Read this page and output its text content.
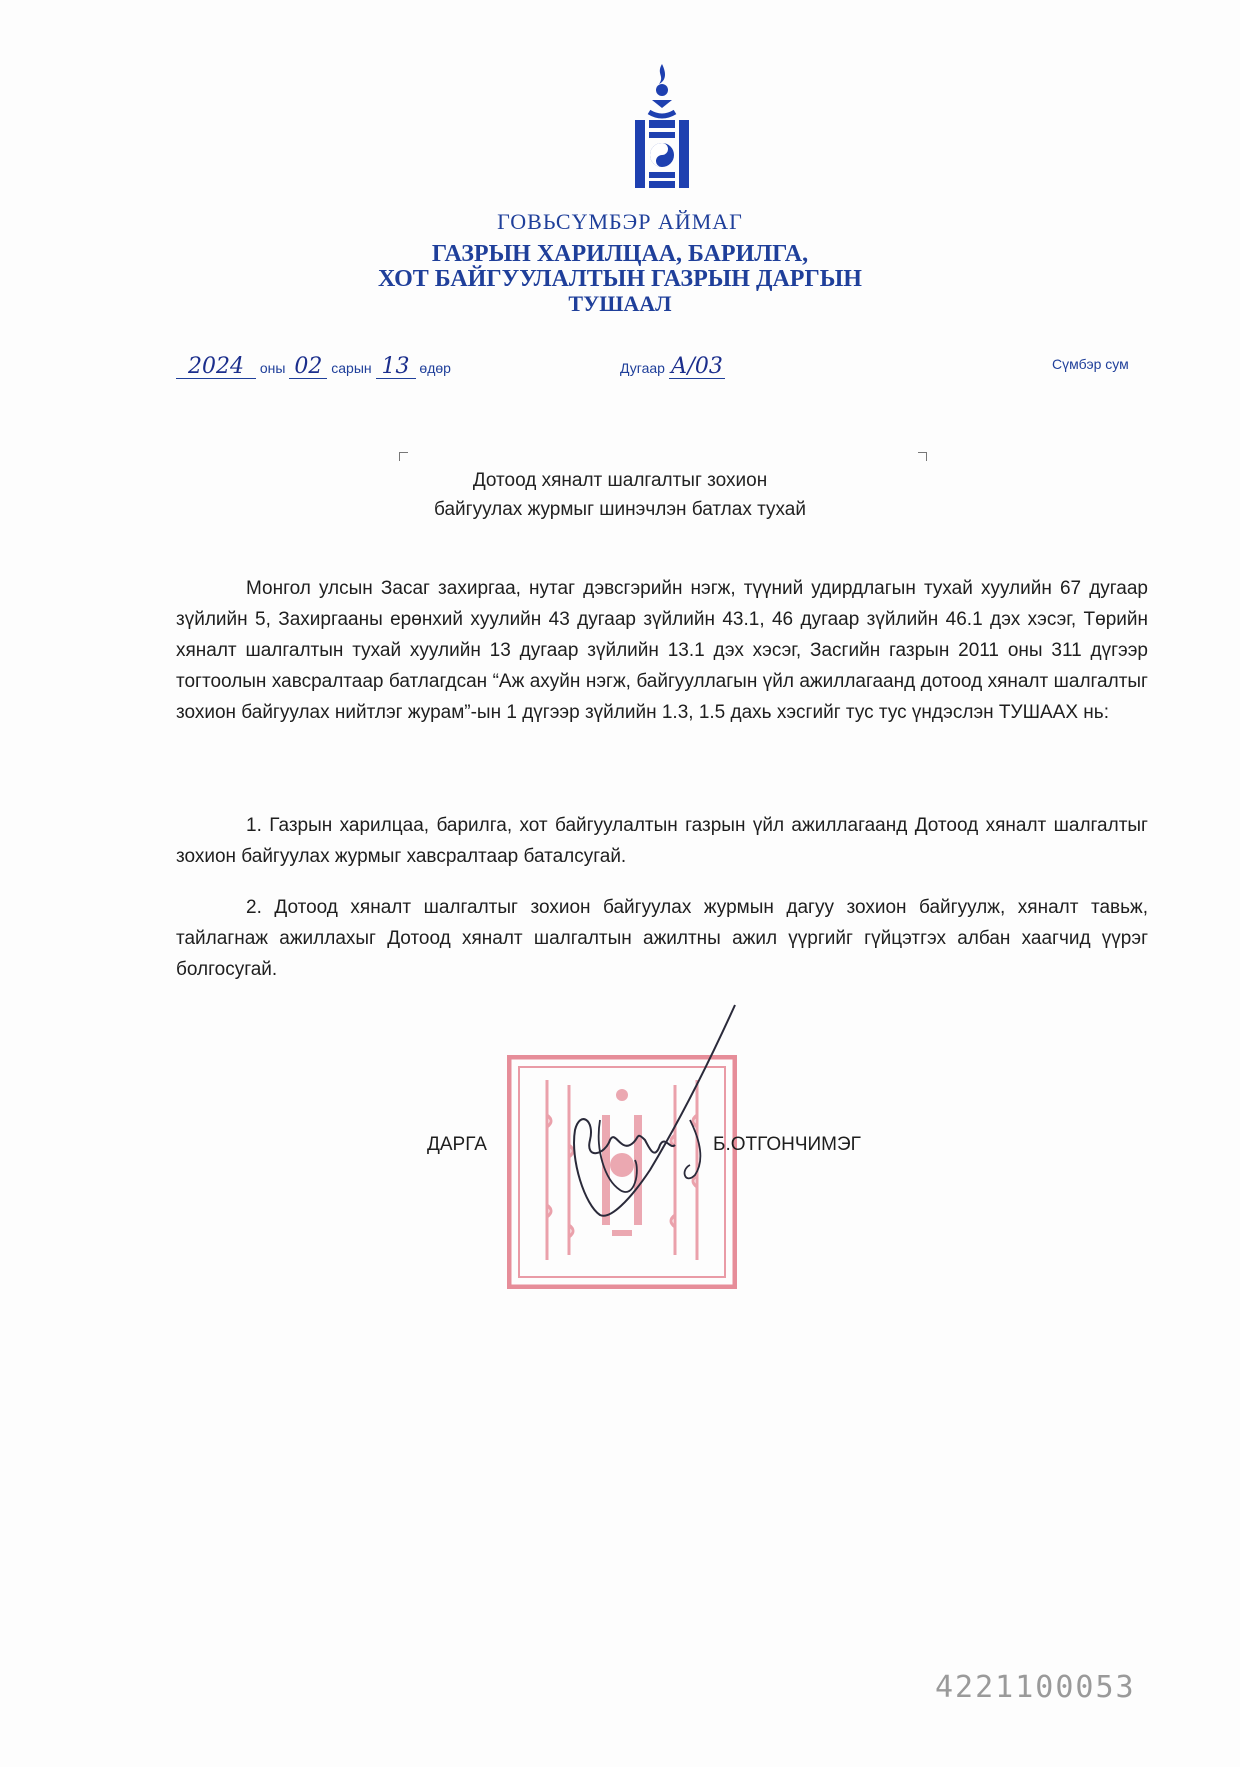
ГОВЬСҮМБЭР АЙМАГ
ГАЗРЫН ХАРИЛЦАА, БАРИЛГА,
ХОТ БАЙГУУЛАЛТЫН ГАЗРЫН ДАРГЫН
ТУШААЛ
2024 оны 02 сарын 13 өдөр	Дугаар А/03	Сүмбэр сум
Дотоод хяналт шалгалтыг зохион
байгуулах журмыг шинэчлэн батлах тухай

Монгол улсын Засаг захиргаа, нутаг дэвсгэрийн нэгж, түүний удирдлагын тухай хуулийн 67 дугаар зүйлийн 5, Захиргааны ерөнхий хуулийн 43 дугаар зүйлийн 43.1, 46 дугаар зүйлийн 46.1 дэх хэсэг, Төрийн хяналт шалгалтын тухай хуулийн 13 дугаар зүйлийн 13.1 дэх хэсэг, Засгийн газрын 2011 оны 311 дүгээр тогтоолын хавсралтаар батлагдсан “Аж ахуйн нэгж, байгууллагын үйл ажиллагаанд дотоод хяналт шалгалтыг зохион байгуулах нийтлэг журам”-ын 1 дүгээр зүйлийн 1.3, 1.5 дахь хэсгийг тус тус үндэслэн ТУШААХ нь:

1. Газрын харилцаа, барилга, хот байгуулалтын газрын үйл ажиллагаанд Дотоод хяналт шалгалтыг зохион байгуулах журмыг хавсралтаар баталсугай.

2. Дотоод хяналт шалгалтыг зохион байгуулах журмын дагуу зохион байгуулж, хяналт тавьж, тайлагнаж ажиллахыг Дотоод хяналт шалгалтын ажилтны ажил үүргийг гүйцэтгэх албан хаагчид үүрэг болгосугай.

ДАРГА	Б.ОТГОНЧИМЭГ
4221100053
